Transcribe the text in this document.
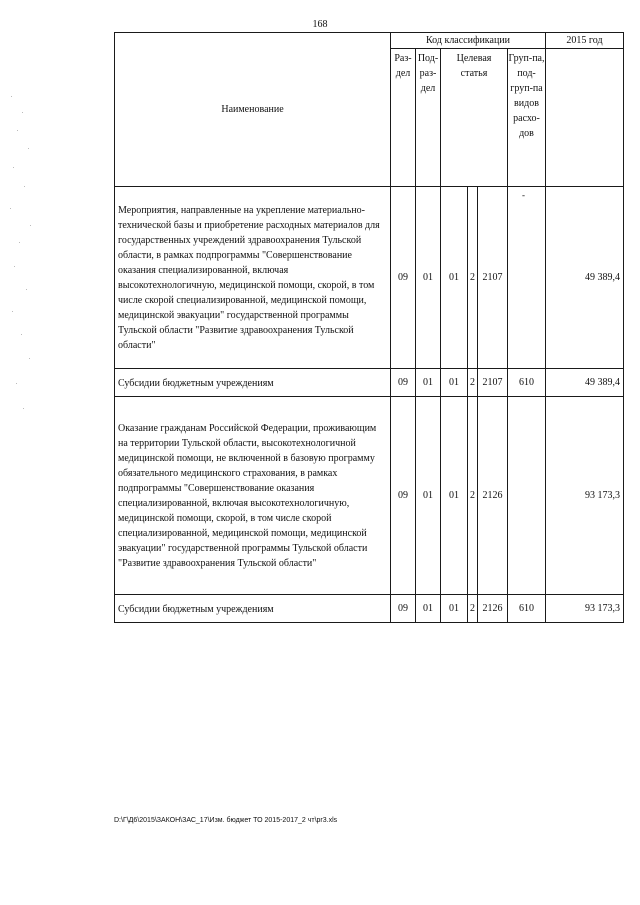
168
Наименование	Код классификации						2015 год
	Раз-дел	Под-раз-дел	Целевая статья			Груп-па, под-груп-па видов расхо-дов	
Мероприятия, направленные на укрепление материально-технической базы и приобретение расходных материалов для государственных учреждений здравоохранения Тульской области, в рамках подпрограммы "Совершенствование оказания специализированной, включая высокотехнологичную, медицинской помощи, скорой, в том числе скорой специализированной, медицинской помощи, медицинской эвакуации" государственной программы Тульской области "Развитие здравоохранения Тульской области"	09	01	01	2	2107		49 389,4
Субсидии бюджетным учреждениям	09	01	01	2	2107	610	49 389,4
Оказание гражданам Российской Федерации, проживающим на территории Тульской области, высокотехнологичной медицинской помощи, не включенной в базовую программу обязательного медицинского страхования, в рамках подпрограммы "Совершенствование оказания специализированной, включая высокотехнологичную, медицинской помощи, скорой, в том числе скорой специализированной, медицинской помощи, медицинской эвакуации" государственной программы Тульской области "Развитие здравоохранения Тульской области"	09	01	01	2	2126		93 173,3
Субсидии бюджетным учреждениям	09	01	01	2	2126	610	93 173,3
-
D:\Г\Д6\2015\ЗАКОН\ЗАС_17\Изм. бюджет ТО 2015-2017_2 чт\pr3.xls
